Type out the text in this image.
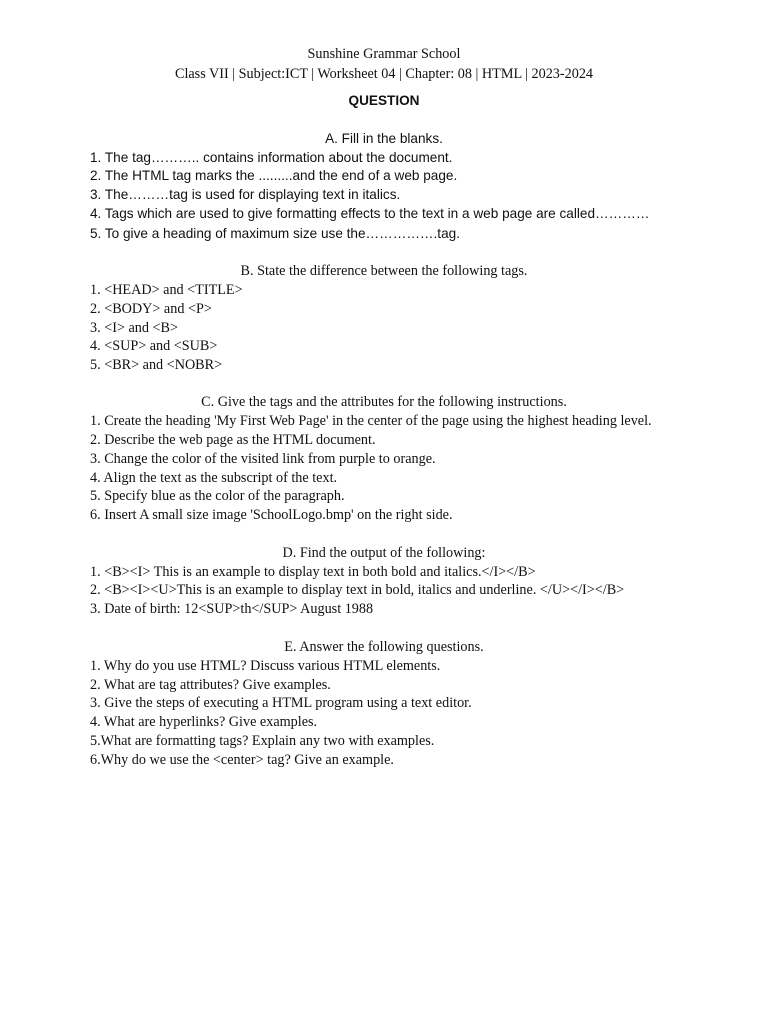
Sunshine Grammar School
Class VII | Subject:ICT | Worksheet 04 | Chapter: 08 | HTML | 2023-2024
QUESTION
A. Fill in the blanks.
1. The tag……….. contains information about the document.
2. The HTML tag marks the .........and the end of a web page.
3. The………tag is used for displaying text in italics.
4. Tags which are used to give formatting effects to the text in a web page are called…………
5. To give a heading of maximum size use the…………….tag.
B. State the difference between the following tags.
1. <HEAD> and <TITLE>
2. <BODY> and <P>
3. <I> and <B>
4. <SUP> and <SUB>
5. <BR> and <NOBR>
C. Give the tags and the attributes for the following instructions.
1. Create the heading 'My First Web Page' in the center of the page using the highest heading level.
2. Describe the web page as the HTML document.
3. Change the color of the visited link from purple to orange.
4. Align the text as the subscript of the text.
5. Specify blue as the color of the paragraph.
6. Insert A small size image 'SchoolLogo.bmp' on the right side.
D. Find the output of the following:
1. <B><I> This is an example to display text in both bold and italics.</I></B>
2. <B><I><U>This is an example to display text in bold, italics and underline. </U></I></B>
3. Date of birth: 12<SUP>th</SUP> August 1988
E. Answer the following questions.
1. Why do you use HTML? Discuss various HTML elements.
2. What are tag attributes? Give examples.
3. Give the steps of executing a HTML program using a text editor.
4. What are hyperlinks? Give examples.
5.What are formatting tags? Explain any two with examples.
6.Why do we use the <center> tag? Give an example.
